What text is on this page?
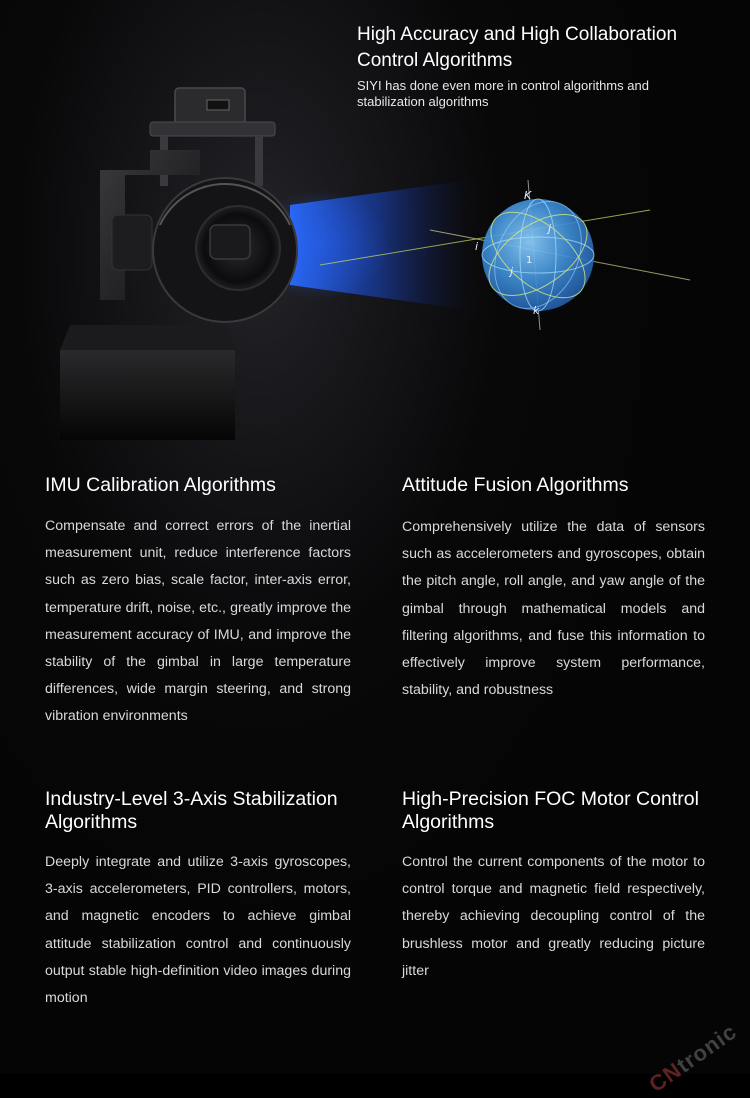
K
j
i
1
j
k
High Accuracy and High Collaboration Control Algorithms
SIYI has done even more in control algorithms and stabilization algorithms
IMU Calibration Algorithms

Compensate and correct errors of the inertial measurement unit, reduce interference factors such as zero bias, scale factor, inter-axis error, temperature drift, noise, etc., greatly improve the measurement accuracy of IMU, and improve the stability of the gimbal in large temperature differences, wide margin steering, and strong vibration environments

Attitude Fusion Algorithms

Comprehensively utilize the data of sensors such as accelerometers and gyroscopes, obtain the pitch angle, roll angle, and yaw angle of the gimbal through mathematical models and filtering algorithms, and fuse this information to effectively improve system performance, stability, and robustness

Industry-Level 3-Axis Stabilization Algorithms

Deeply integrate and utilize 3-axis gyroscopes, 3-axis accelerometers, PID controllers, motors, and magnetic encoders to achieve gimbal attitude stabilization control and continuously output stable high-definition video images during motion

High-Precision FOC Motor Control Algorithms

Control the current components of the motor to control torque and magnetic field respectively, thereby achieving decoupling control of the brushless motor and greatly reducing picture jitter

CNtronic
